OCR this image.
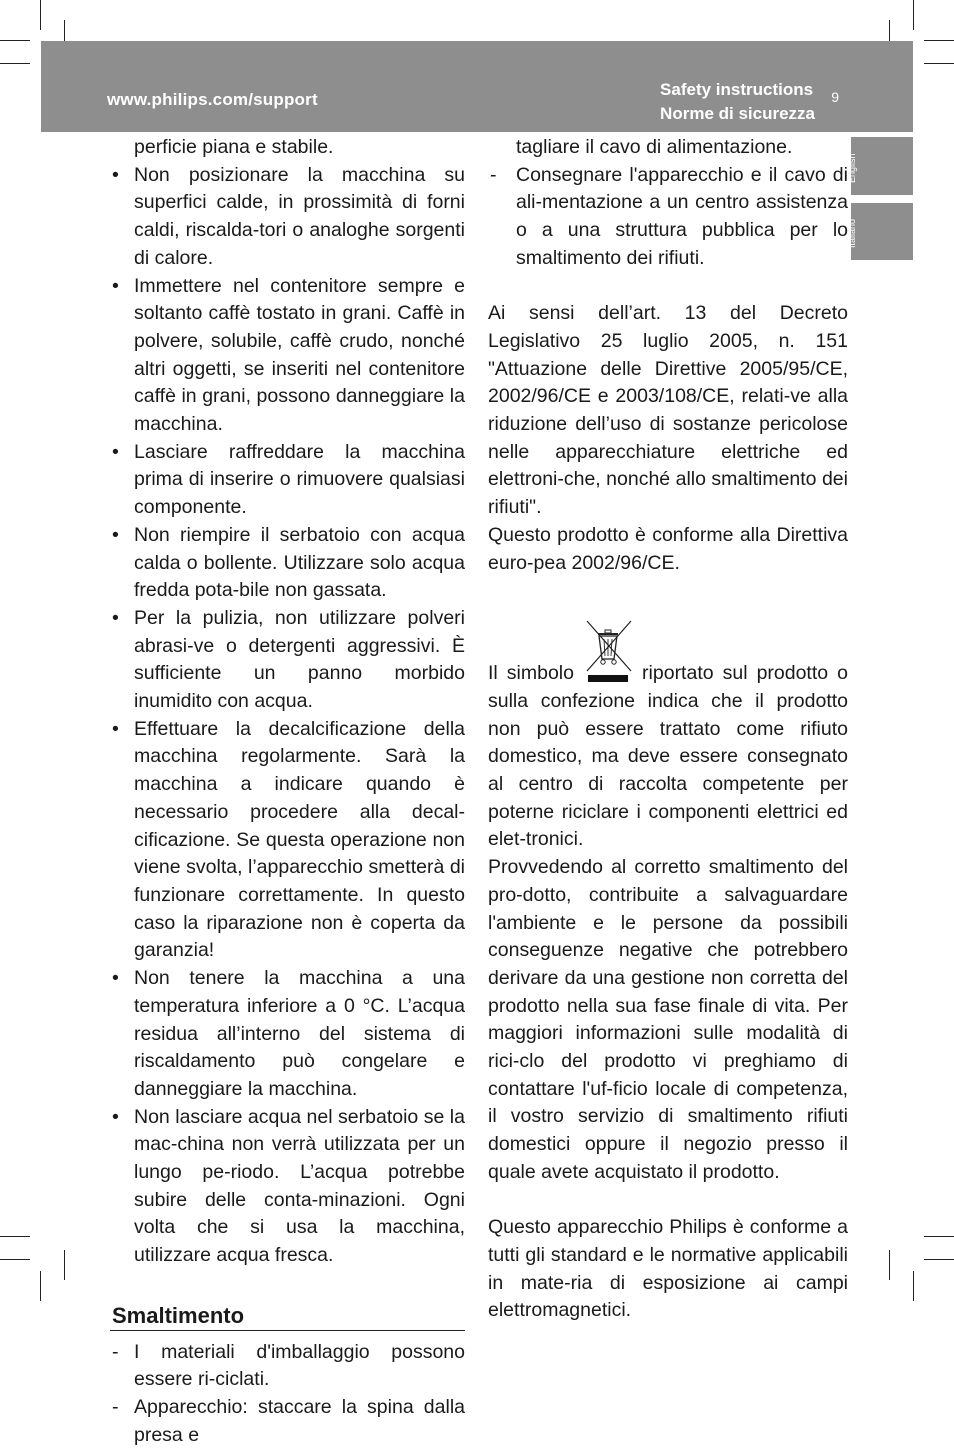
www.philips.com/support
Safety instructions
Norme di sicurezza
9
English
Italiano

perficie piana e stabile.

• Non posizionare la macchina su superfici calde, in prossimità di forni caldi, riscalda-tori o analoghe sorgenti di calore.

• Immettere nel contenitore sempre e soltanto caffè tostato in grani. Caffè in polvere, solubile, caffè crudo, nonché altri oggetti, se inseriti nel contenitore caffè in grani, possono danneggiare la macchina.

• Lasciare raffreddare la macchina prima di inserire o rimuovere qualsiasi componente.

• Non riempire il serbatoio con acqua calda o bollente. Utilizzare solo acqua fredda pota-bile non gassata.

• Per la pulizia, non utilizzare polveri abrasi-ve o detergenti aggressivi. È sufficiente un panno morbido inumidito con acqua.

• Effettuare la decalcificazione della macchina regolarmente. Sarà la macchina a indicare quando è necessario procedere alla decal-cificazione. Se questa operazione non viene svolta, l’apparecchio smetterà di funzionare correttamente. In questo caso la riparazione non è coperta da garanzia!

• Non tenere la macchina a una temperatura inferiore a 0 °C. L’acqua residua all’interno del sistema di riscaldamento può congelare e danneggiare la macchina.

• Non lasciare acqua nel serbatoio se la mac-china non verrà utilizzata per un lungo pe-riodo. L’acqua potrebbe subire delle conta-minazioni. Ogni volta che si usa la macchina, utilizzare acqua fresca.

Smaltimento
- I materiali d'imballaggio possono essere ri-ciclati.

- Apparecchio: staccare la spina dalla presa e

tagliare il cavo di alimentazione.

- Consegnare l'apparecchio e il cavo di ali-mentazione a un centro assistenza o a una struttura pubblica per lo smaltimento dei rifiuti.

Ai sensi dell’art. 13 del Decreto Legislativo 25 luglio 2005, n. 151 "Attuazione delle Direttive 2005/95/CE, 2002/96/CE e 2003/108/CE, relati-ve alla riduzione dell’uso di sostanze pericolose nelle apparecchiature elettriche ed elettroni-che, nonché allo smaltimento dei rifiuti".

Questo prodotto è conforme alla Direttiva euro-pea 2002/96/CE.

Il simbolo	riportato sul prodotto o sulla confezione indica che il prodotto non può essere trattato come rifiuto domestico, ma deve essere consegnato al centro di raccolta competente per poterne riciclare i componenti elettrici ed elet-tronici.

Provvedendo al corretto smaltimento del pro-dotto, contribuite a salvaguardare l'ambiente e le persone da possibili conseguenze negative che potrebbero derivare da una gestione non corretta del prodotto nella sua fase finale di vita. Per maggiori informazioni sulle modalità di rici-clo del prodotto vi preghiamo di contattare l'uf-ficio locale di competenza, il vostro servizio di smaltimento rifiuti domestici oppure il negozio presso il quale avete acquistato il prodotto.

Questo apparecchio Philips è conforme a tutti gli standard e le normative applicabili in mate-ria di esposizione ai campi elettromagnetici.
